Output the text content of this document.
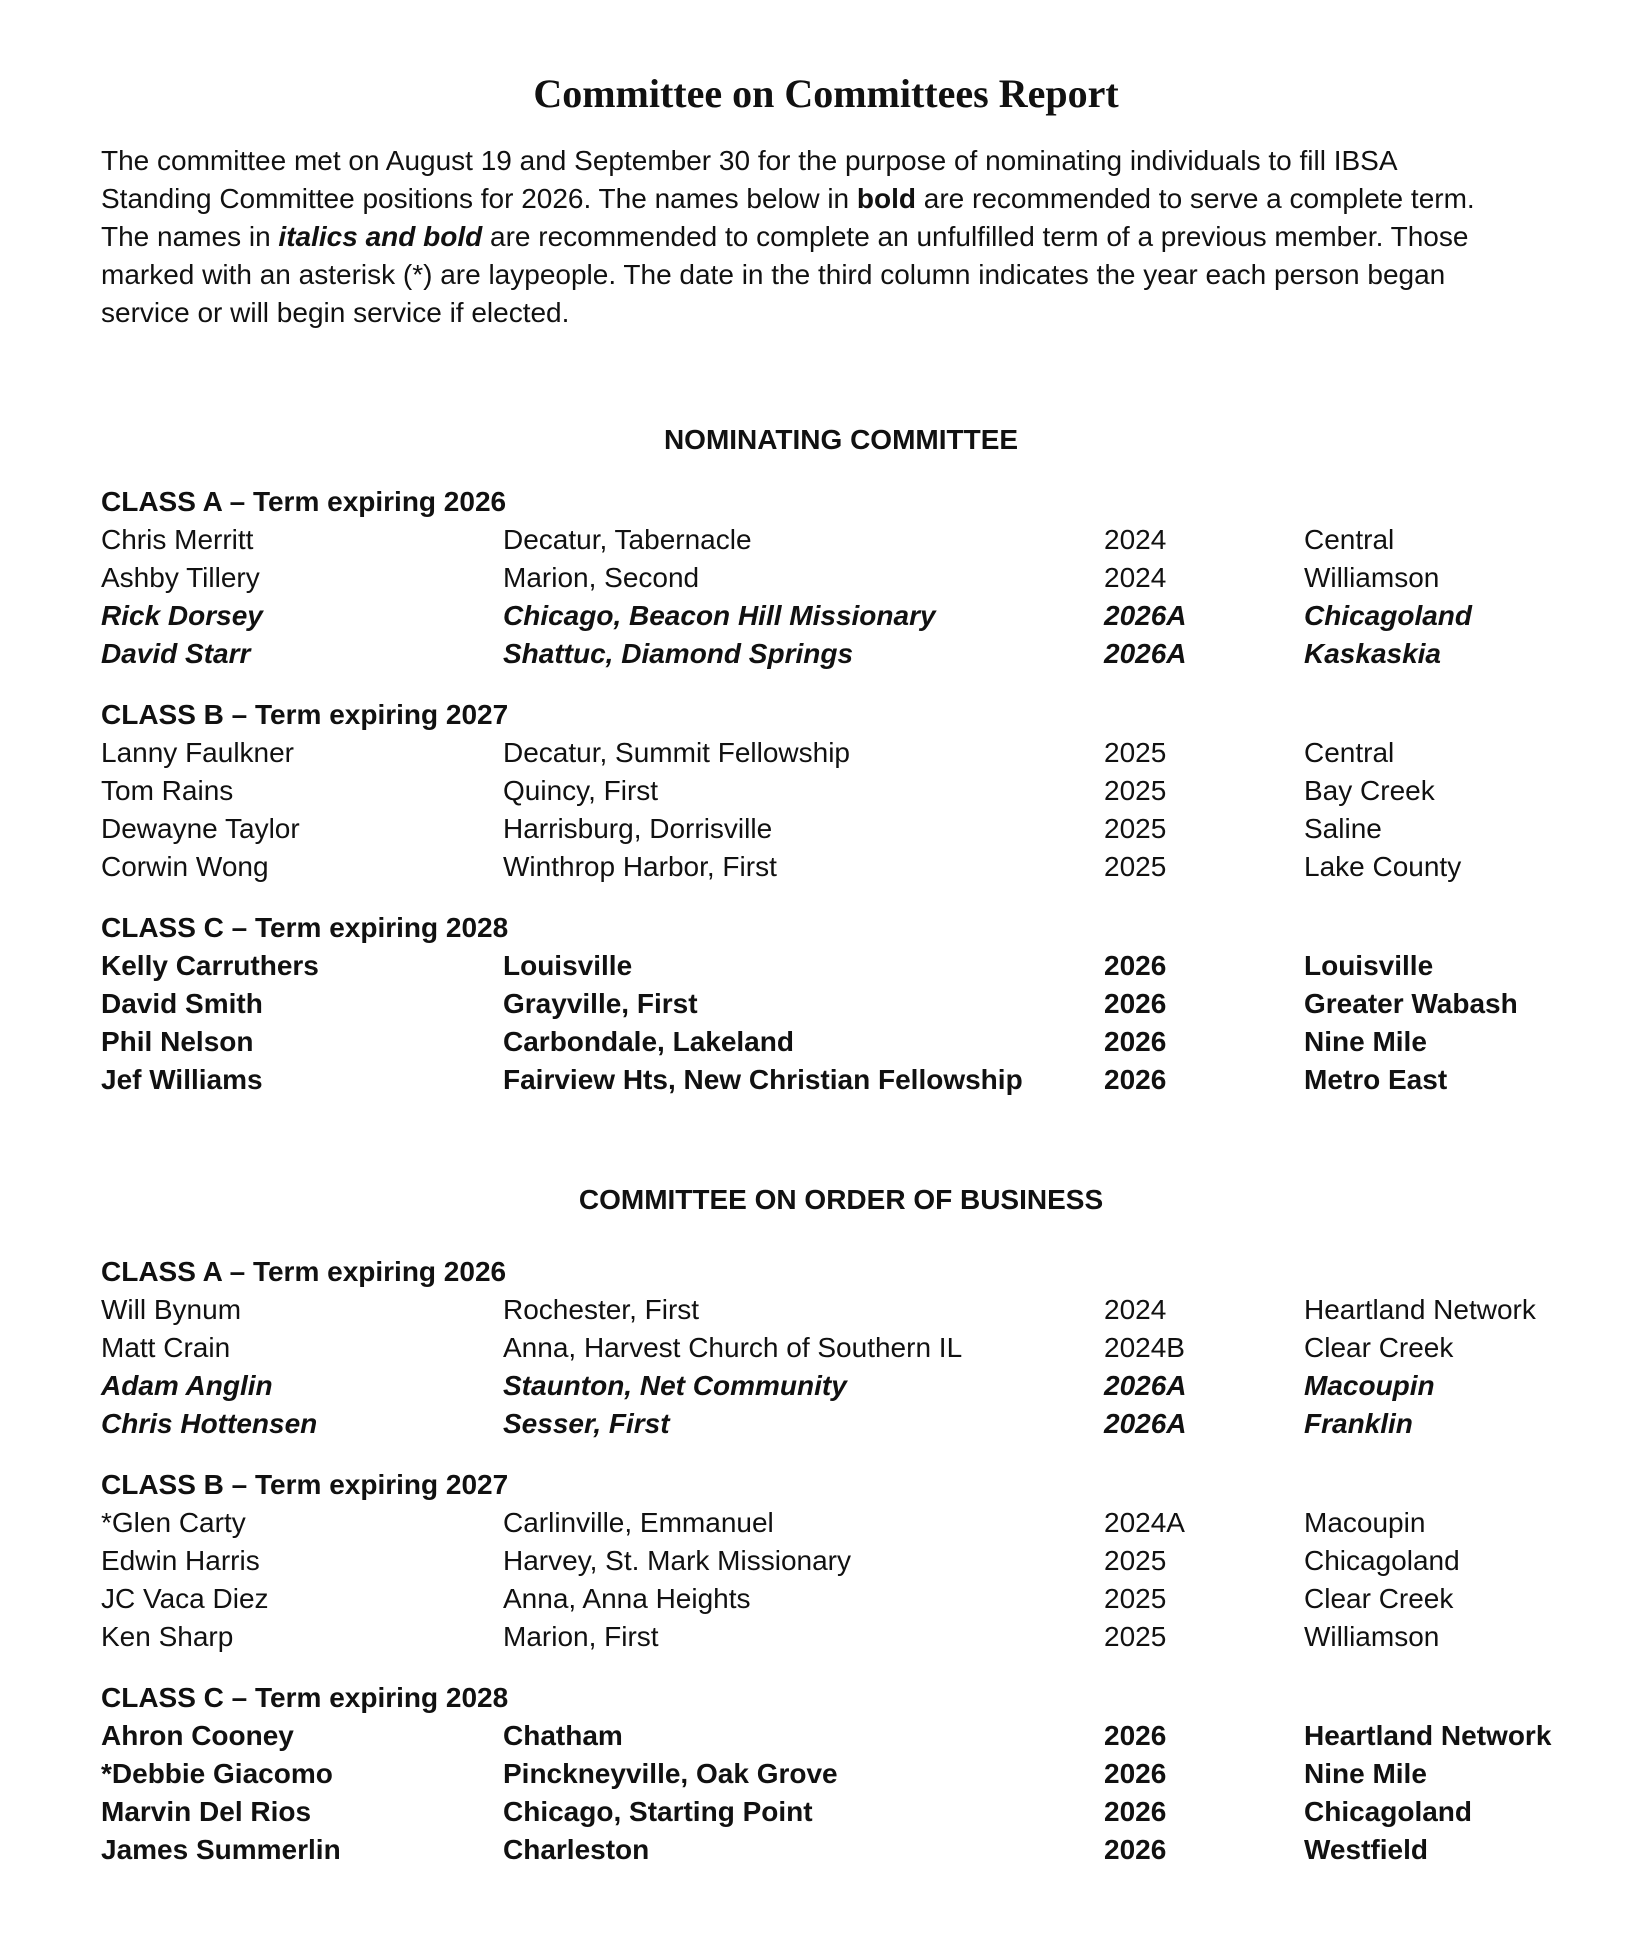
Committee on Committees Report

The committee met on August 19 and September 30 for the purpose of nominating individuals to fill IBSA
Standing Committee positions for 2026. The names below in bold are recommended to serve a complete term.
The names in italics and bold are recommended to complete an unfulfilled term of a previous member. Those
marked with an asterisk (*) are laypeople. The date in the third column indicates the year each person began
service or will begin service if elected.

NOMINATING COMMITTEE
CLASS A – Term expiring 2026
Chris Merritt	Decatur, Tabernacle	2024	Central
Ashby Tillery	Marion, Second	2024	Williamson
Rick Dorsey	Chicago, Beacon Hill Missionary	2026A	Chicagoland
David Starr	Shattuc, Diamond Springs	2026A	Kaskaskia
CLASS B – Term expiring 2027
Lanny Faulkner	Decatur, Summit Fellowship	2025	Central
Tom Rains	Quincy, First	2025	Bay Creek
Dewayne Taylor	Harrisburg, Dorrisville	2025	Saline
Corwin Wong	Winthrop Harbor, First	2025	Lake County
CLASS C – Term expiring 2028
Kelly Carruthers	Louisville	2026	Louisville
David Smith	Grayville, First	2026	Greater Wabash
Phil Nelson	Carbondale, Lakeland	2026	Nine Mile
Jef Williams	Fairview Hts, New Christian Fellowship	2026	Metro East
COMMITTEE ON ORDER OF BUSINESS
CLASS A – Term expiring 2026
Will Bynum	Rochester, First	2024	Heartland Network
Matt Crain	Anna, Harvest Church of Southern IL	2024B	Clear Creek
Adam Anglin	Staunton, Net Community	2026A	Macoupin
Chris Hottensen	Sesser, First	2026A	Franklin
CLASS B – Term expiring 2027
*Glen Carty	Carlinville, Emmanuel	2024A	Macoupin
Edwin Harris	Harvey, St. Mark Missionary	2025	Chicagoland
JC Vaca Diez	Anna, Anna Heights	2025	Clear Creek
Ken Sharp	Marion, First	2025	Williamson
CLASS C – Term expiring 2028
Ahron Cooney	Chatham	2026	Heartland Network
*Debbie Giacomo	Pinckneyville, Oak Grove	2026	Nine Mile
Marvin Del Rios	Chicago, Starting Point	2026	Chicagoland
James Summerlin	Charleston	2026	Westfield
